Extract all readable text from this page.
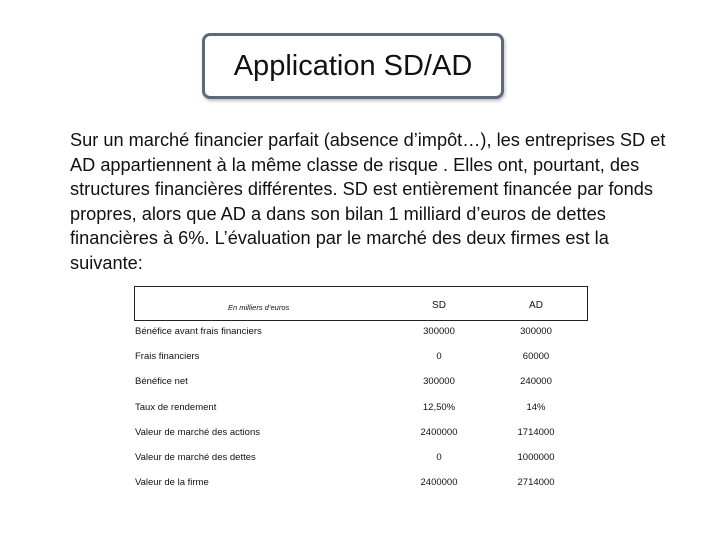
Application SD/AD
Sur un marché financier parfait (absence d’impôt…), les entreprises SD et
AD appartiennent à la même classe de risque . Elles ont, pourtant, des
structures financières différentes. SD est entièrement financée par fonds
propres, alors que AD a dans son bilan 1 milliard d’euros de dettes
financières à 6%. L’évaluation par le marché des deux firmes est la
suivante:
En milliers d’euros	SD	AD
Bénéfice avant frais financiers	300000	300000
Frais financiers	0	60000
Bénéfice net	300000	240000
Taux de rendement	12,50%	14%
Valeur de marché des actions	2400000	1714000
Valeur de marché des dettes	0	1000000
Valeur de la firme	2400000	2714000
